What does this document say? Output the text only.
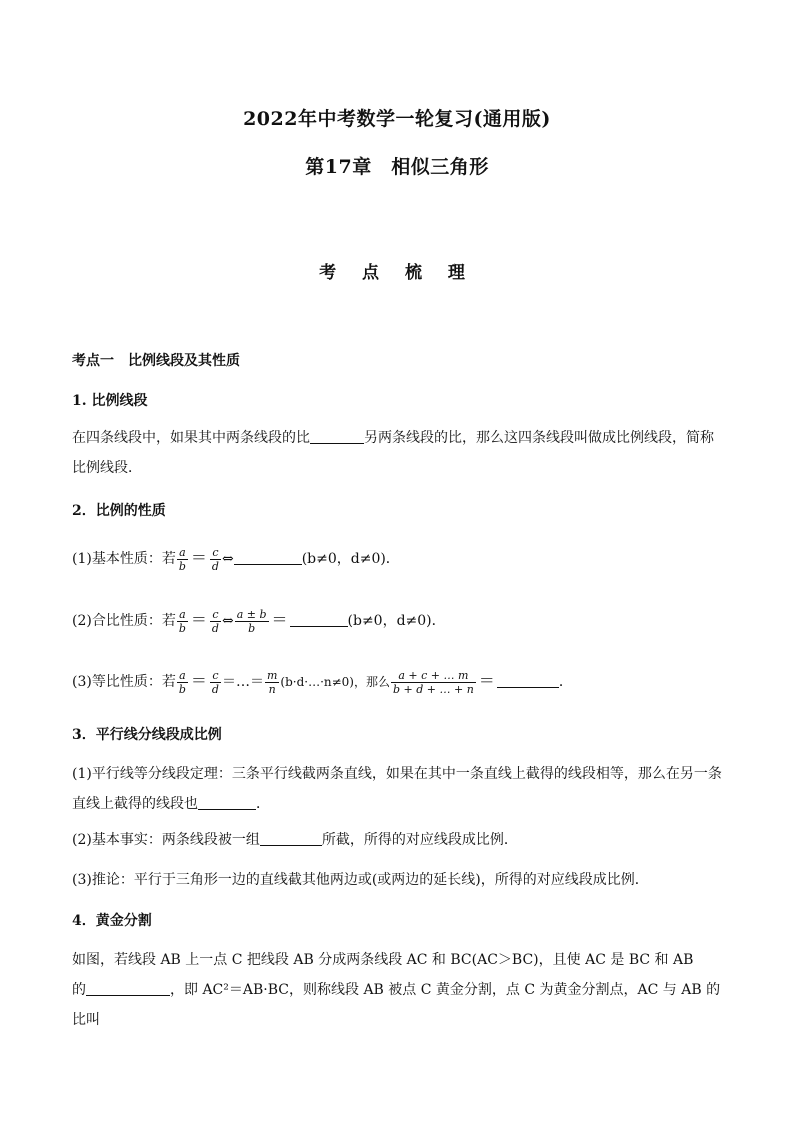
2022年中考数学一轮复习(通用版)
第17章　相似三角形
考 点 梳 理
考点一　比例线段及其性质
1. 比例线段
在四条线段中，如果其中两条线段的比	另两条线段的比，那么这四条线段叫做成比例线段，简称
比例线段．
2．比例的性质
(1)基本性质：若 $\frac{a}{b} = \frac{c}{d}$ ⇔	(b≠0，d≠0)．
(2)合比性质：若 $\frac{a}{b} = \frac{c}{d}$ ⇔ $\frac{a \pm b}{b}$ ＝	(b≠0，d≠0)．
(3)等比性质：若 $\frac{a}{b} = \frac{c}{d}$ ＝…＝ $\frac{m}{n}$ (b·d·…·n≠0)，那么 $\frac{a + c + \dots m}{b + d + \dots + n}$ ＝	．
3．平行线分线段成比例
(1)平行线等分线段定理：三条平行线截两条直线，如果在其中一条直线上截得的线段相等，那么在另一条
直线上截得的线段也	．
(2)基本事实：两条线段被一组	所截，所得的对应线段成比例．
(3)推论：平行于三角形一边的直线截其他两边或(或两边的延长线)，所得的对应线段成比例．
4．黄金分割
如图，若线段 AB 上一点 C 把线段 AB 分成两条线段 AC 和 BC(AC＞BC)，且使 AC 是 BC 和 AB
的	，即 AC²＝AB·BC，则称线段 AB 被点 C 黄金分割，点 C 为黄金分割点，AC 与 AB 的比叫
